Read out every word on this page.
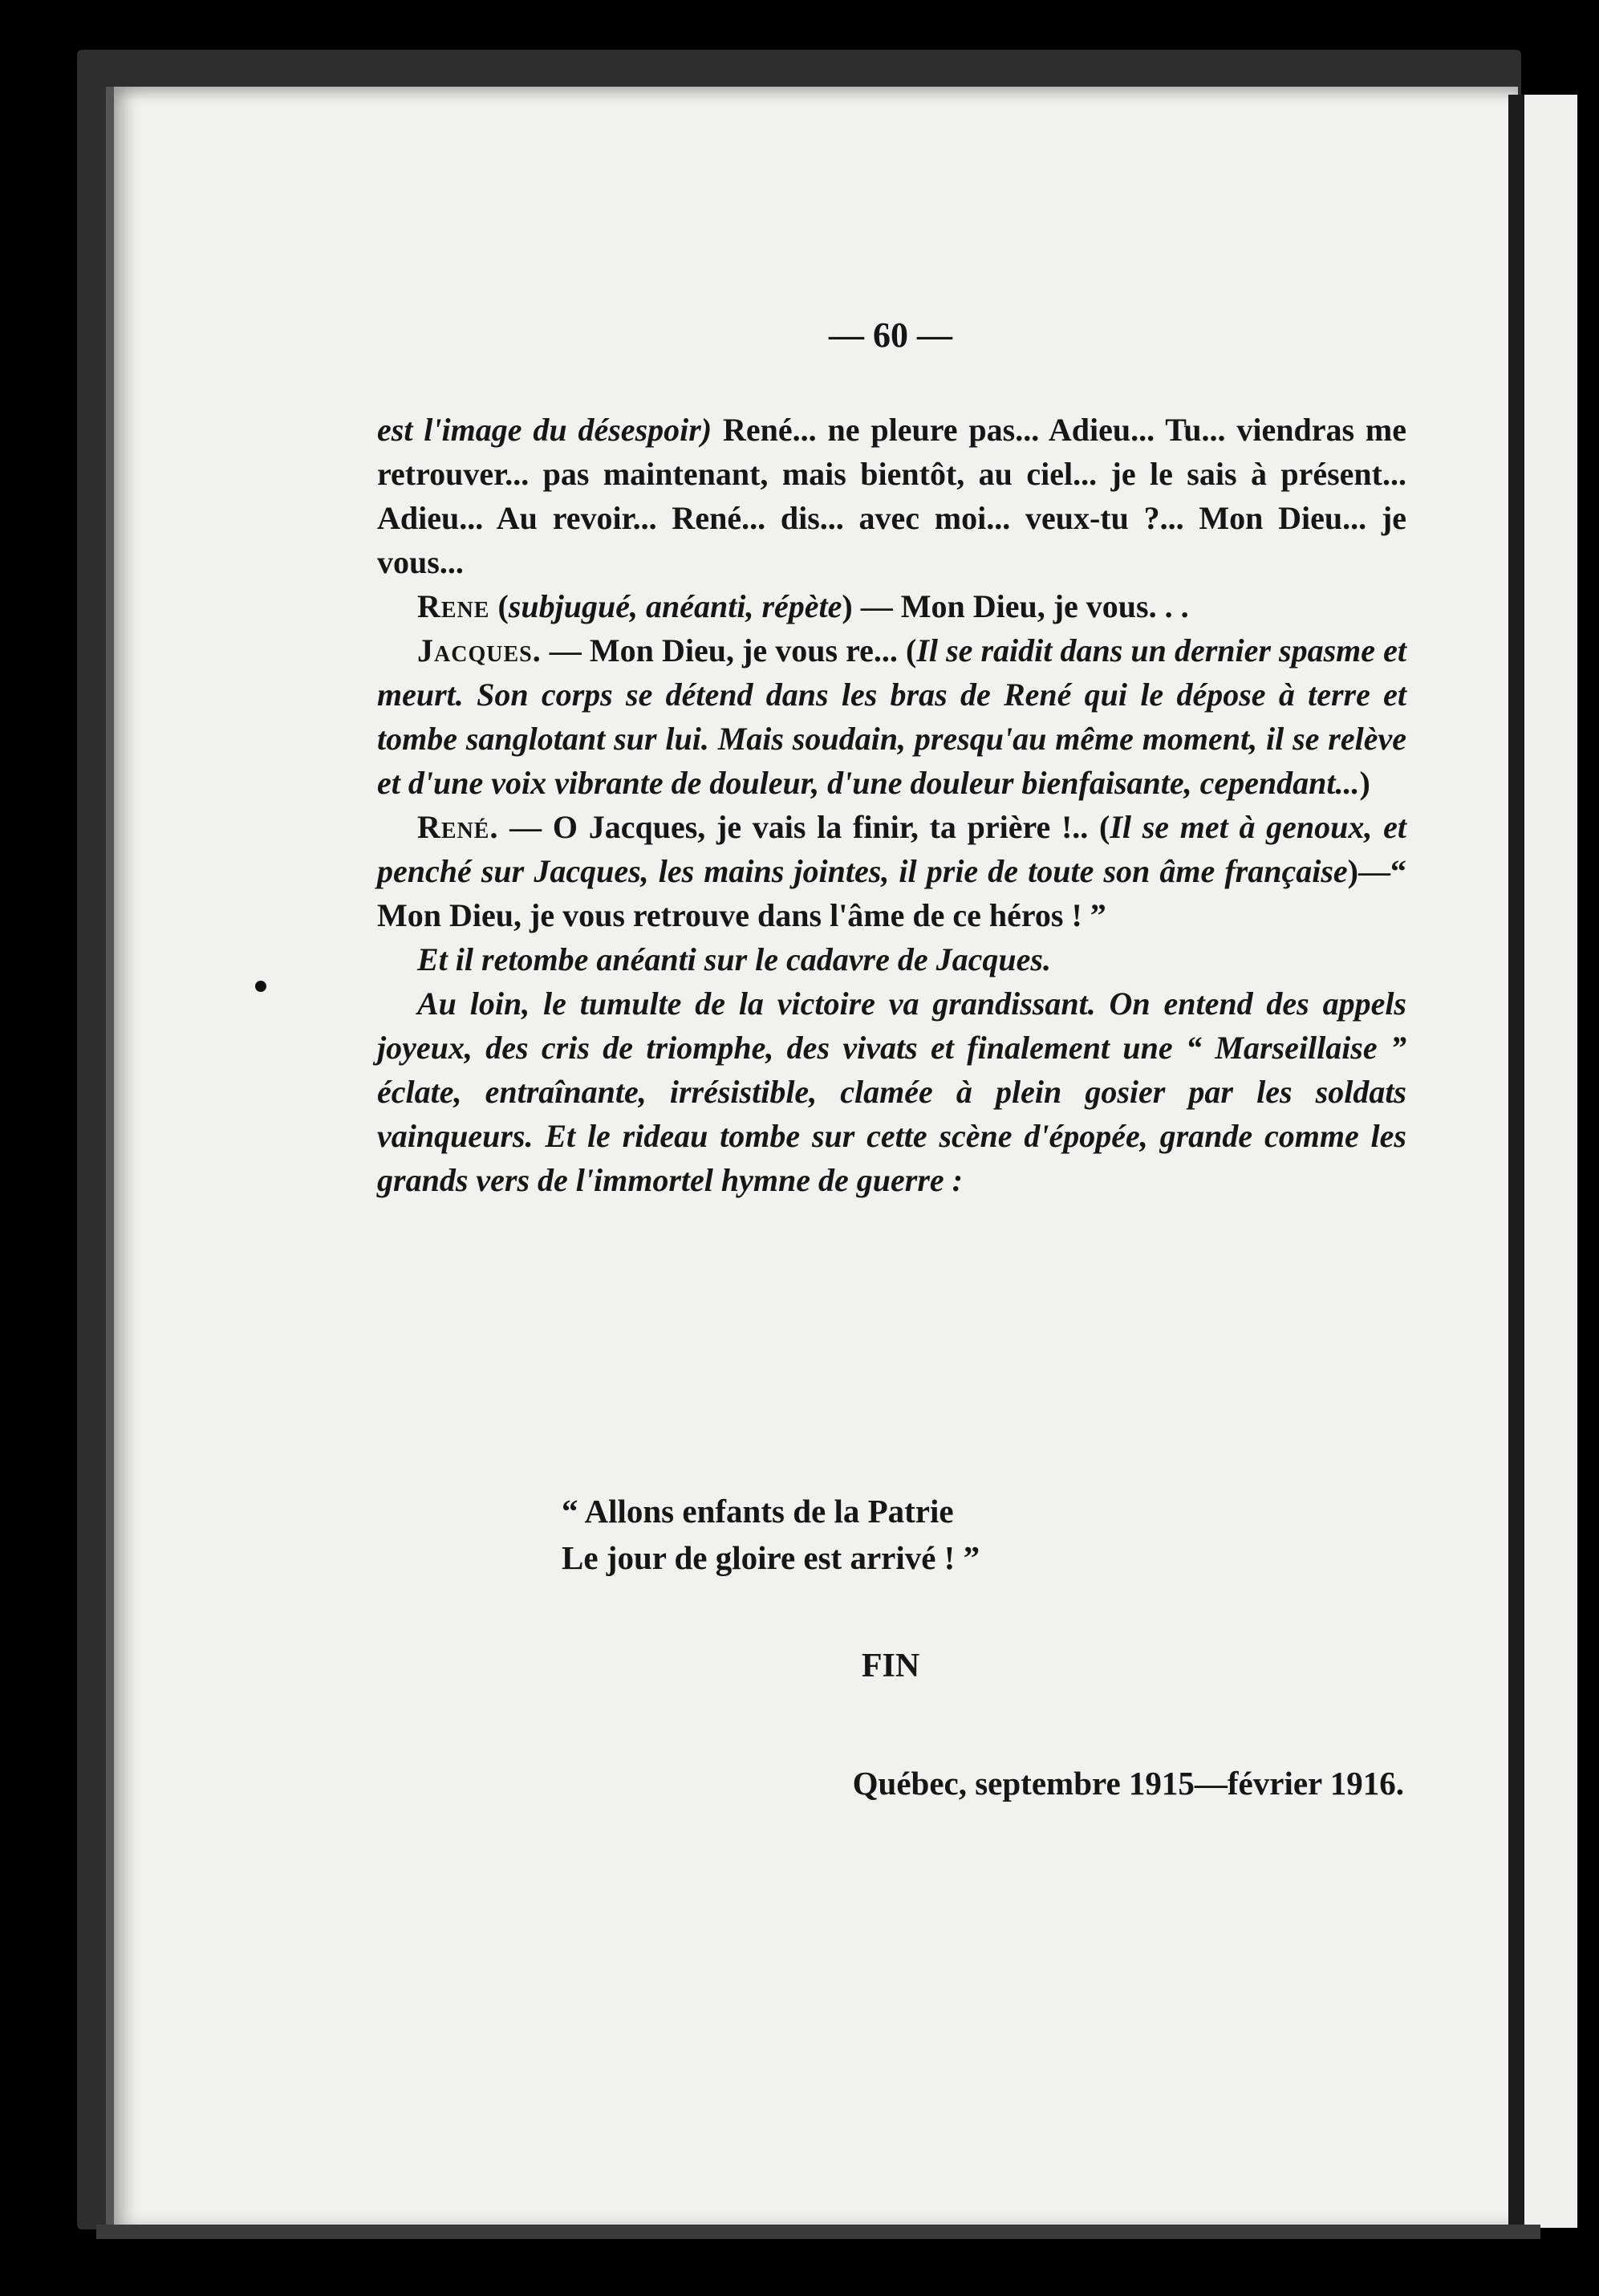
— 60 —

est l'image du désespoir) René... ne pleure pas... Adieu... Tu... viendras me retrouver... pas maintenant, mais bientôt, au ciel... je le sais à présent... Adieu... Au revoir... René... dis... avec moi... veux-tu ?... Mon Dieu... je vous...

Rene (subjugué, anéanti, répète) — Mon Dieu, je vous. . .

Jacques. — Mon Dieu, je vous re... (Il se raidit dans un dernier spasme et meurt. Son corps se détend dans les bras de René qui le dépose à terre et tombe sanglotant sur lui. Mais soudain, presqu'au même moment, il se relève et d'une voix vibrante de douleur, d'une douleur bienfaisante, cependant...)

René. — O Jacques, je vais la finir, ta prière !.. (Il se met à genoux, et penché sur Jacques, les mains jointes, il prie de toute son âme française)—“ Mon Dieu, je vous retrouve dans l'âme de ce héros ! ”

Et il retombe anéanti sur le cadavre de Jacques.

Au loin, le tumulte de la victoire va grandissant. On entend des appels joyeux, des cris de triomphe, des vivats et finalement une “ Marseillaise ” éclate, entraînante, irrésistible, clamée à plein gosier par les soldats vainqueurs. Et le rideau tombe sur cette scène d'épopée, grande comme les grands vers de l'immortel hymne de guerre :

“ Allons enfants de la Patrie
Le jour de gloire est arrivé ! ”
FIN
Québec, septembre 1915—février 1916.
